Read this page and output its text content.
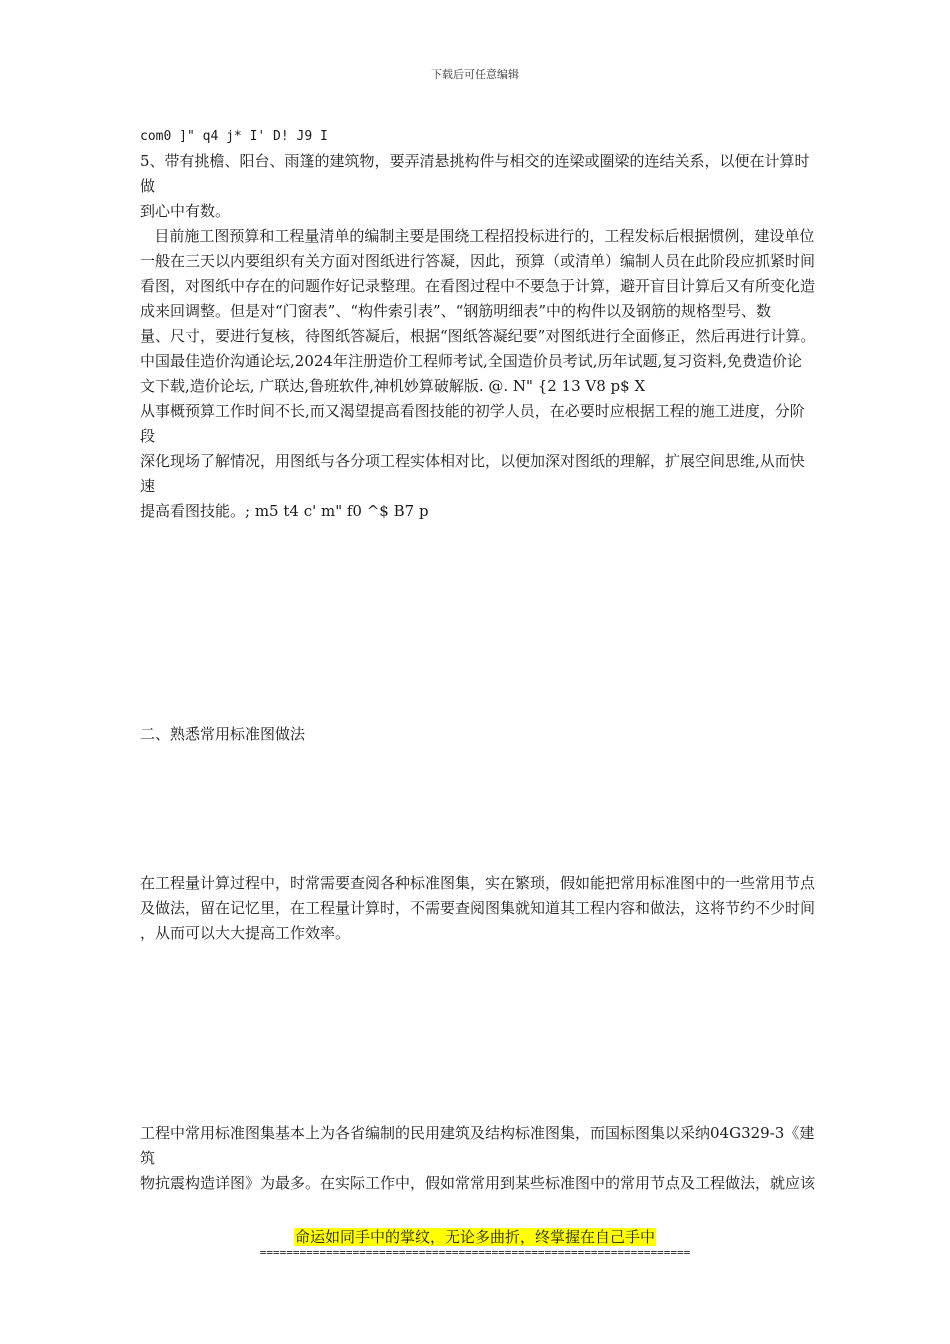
下载后可任意编辑

com0 ]" q4 j* I' D! J9 I

5、带有挑檐、阳台、雨篷的建筑物，要弄清悬挑构件与相交的连梁或圈梁的连结关系，以便在计算时做

到心中有数。

目前施工图预算和工程量清单的编制主要是围绕工程招投标进行的，工程发标后根据惯例，建设单位

一般在三天以内要组织有关方面对图纸进行答凝，因此，预算（或清单）编制人员在此阶段应抓紧时间

看图，对图纸中存在的问题作好记录整理。在看图过程中不要急于计算，避开盲目计算后又有所变化造

成来回调整。但是对“门窗表”、“构件索引表”、“钢筋明细表”中的构件以及钢筋的规格型号、数

量、尺寸，要进行复核，待图纸答凝后，根据“图纸答凝纪要”对图纸进行全面修正，然后再进行计算。中国最佳造价沟通论坛,2024年注册造价工程师考试,全国造价员考试,历年试题,复习资料,免费造价论文下载,造价论坛, 广联达,鲁班软件,神机妙算破解版. @. N" {2 13 V8 p$ X

从事概预算工作时间不长,而又渴望提高看图技能的初学人员，在必要时应根据工程的施工进度，分阶段

深化现场了解情况，用图纸与各分项工程实体相对比，以便加深对图纸的理解，扩展空间思维,从而快速

提高看图技能。; m5 t4 c' m" f0 ^$ B7 p

二、熟悉常用标准图做法

在工程量计算过程中，时常需要查阅各种标准图集，实在繁琐，假如能把常用标准图中的一些常用节点

及做法，留在记忆里，在工程量计算时，不需要查阅图集就知道其工程内容和做法，这将节约不少时间

，从而可以大大提高工作效率。

工程中常用标准图集基本上为各省编制的民用建筑及结构标准图集，而国标图集以采纳04G329-3《建筑

物抗震构造详图》为最多。在实际工作中，假如常常用到某些标准图中的常用节点及工程做法，就应该

命运如同手中的掌纹，无论多曲折，终掌握在自己手中
=================================================================
